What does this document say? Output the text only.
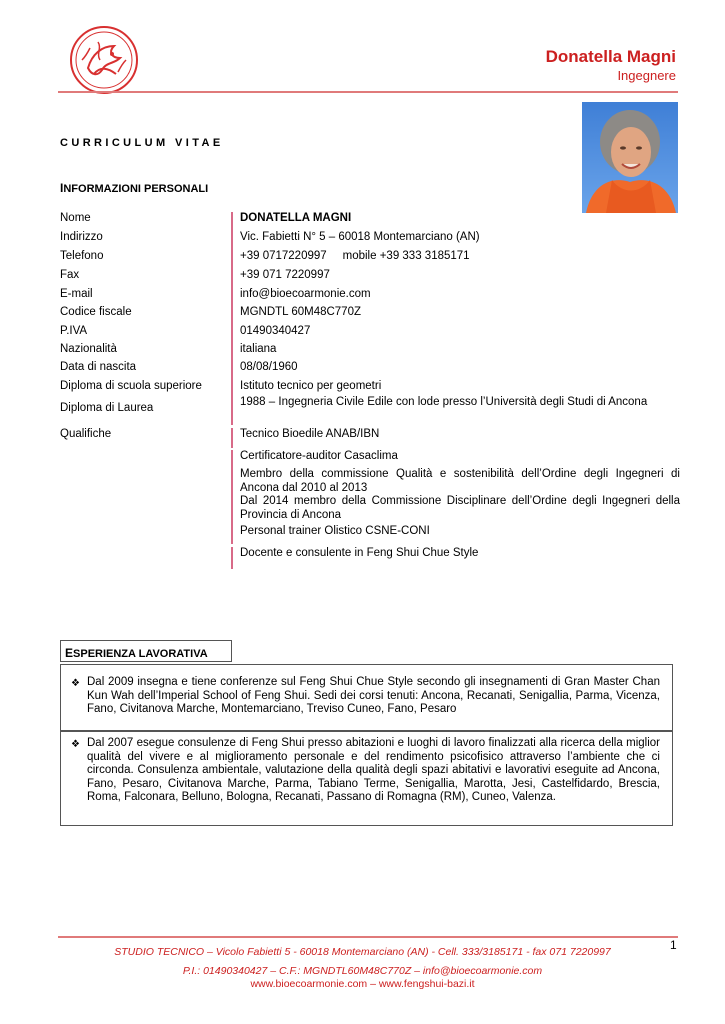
Donatella Magni
Ingegnere
CURRICULUM VITAE
INFORMAZIONI PERSONALI
Nome	DONATELLA MAGNI
Indirizzo	Vic. Fabietti N° 5 – 60018 Montemarciano (AN)
Telefono	+39 0717220997     mobile +39 333 3185171
Fax	+39 071 7220997
E-mail	info@bioecoarmonie.com
Codice fiscale	MGNDTL 60M48C770Z
P.IVA	01490340427
Nazionalità	italiana
Data di nascita	08/08/1960
Diploma di scuola superiore	Istituto tecnico per geometri
Diploma di Laurea	1988 – Ingegneria Civile Edile con lode presso l’Università degli Studi di Ancona
Qualifiche	Tecnico Bioedile ANAB/IBN
Certificatore-auditor Casaclima
Membro della commissione Qualità e sostenibilità dell’Ordine degli Ingegneri di Ancona dal 2010 al 2013
Dal 2014 membro della Commissione Disciplinare dell’Ordine degli Ingegneri della Provincia di Ancona
Personal trainer Olistico CSNE-CONI
Docente e consulente in Feng Shui Chue Style
ESPERIENZA LAVORATIVA
❖ Dal 2009 insegna e tiene conferenze sul Feng Shui Chue Style secondo gli insegnamenti di Gran Master Chan Kun Wah dell’Imperial School of Feng Shui. Sedi dei corsi tenuti: Ancona, Recanati, Senigallia, Parma, Vicenza, Fano, Civitanova Marche, Montemarciano, Treviso Cuneo, Fano, Pesaro
❖ Dal 2007 esegue consulenze di Feng Shui presso abitazioni e luoghi di lavoro finalizzati alla ricerca della miglior qualità del vivere e al miglioramento personale e del rendimento psicofisico attraverso l’ambiente che ci circonda. Consulenza ambientale, valutazione della qualità degli spazi abitativi e lavorativi eseguite ad Ancona, Fano, Pesaro, Civitanova Marche, Parma, Tabiano Terme, Senigallia, Marotta, Jesi, Castelfidardo, Brescia, Roma, Falconara, Belluno, Bologna, Recanati, Passano di Romagna (RM), Cuneo, Valenza.
1
STUDIO TECNICO – Vicolo Fabietti 5 - 60018 Montemarciano (AN) - Cell. 333/3185171 - fax 071 7220997
P.I.: 01490340427 – C.F.: MGNDTL60M48C770Z – info@bioecoarmonie.com
www.bioecoarmonie.com – www.fengshui-bazi.it
